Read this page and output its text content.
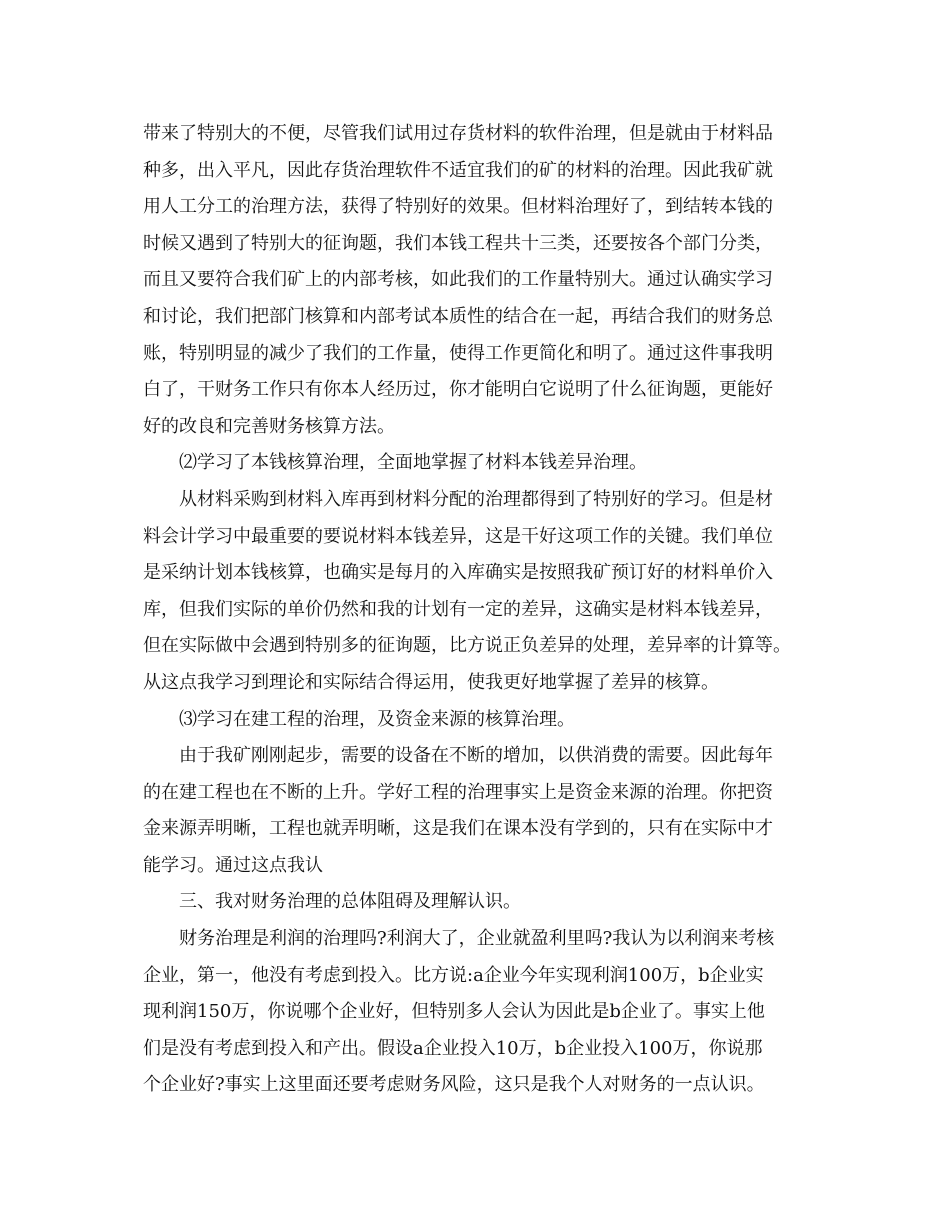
带来了特别大的不便，尽管我们试用过存货材料的软件治理，但是就由于材料品
种多，出入平凡，因此存货治理软件不适宜我们的矿的材料的治理。因此我矿就
用人工分工的治理方法，获得了特别好的效果。但材料治理好了，到结转本钱的
时候又遇到了特别大的征询题，我们本钱工程共十三类，还要按各个部门分类，
而且又要符合我们矿上的内部考核，如此我们的工作量特别大。通过认确实学习
和讨论，我们把部门核算和内部考试本质性的结合在一起，再结合我们的财务总
账，特别明显的减少了我们的工作量，使得工作更简化和明了。通过这件事我明
白了，干财务工作只有你本人经历过，你才能明白它说明了什么征询题，更能好
好的改良和完善财务核算方法。
⑵学习了本钱核算治理，全面地掌握了材料本钱差异治理。
从材料采购到材料入库再到材料分配的治理都得到了特别好的学习。但是材
料会计学习中最重要的要说材料本钱差异，这是干好这项工作的关键。我们单位
是采纳计划本钱核算，也确实是每月的入库确实是按照我矿预订好的材料单价入
库，但我们实际的单价仍然和我的计划有一定的差异，这确实是材料本钱差异，
但在实际做中会遇到特别多的征询题，比方说正负差异的处理，差异率的计算等。
从这点我学习到理论和实际结合得运用，使我更好地掌握了差异的核算。
⑶学习在建工程的治理，及资金来源的核算治理。
由于我矿刚刚起步，需要的设备在不断的增加，以供消费的需要。因此每年
的在建工程也在不断的上升。学好工程的治理事实上是资金来源的治理。你把资
金来源弄明晰，工程也就弄明晰，这是我们在课本没有学到的，只有在实际中才
能学习。通过这点我认
三、我对财务治理的总体阻碍及理解认识。
财务治理是利润的治理吗?利润大了，企业就盈利里吗?我认为以利润来考核
企业，第一，他没有考虑到投入。比方说:a企业今年实现利润100万，b企业实
现利润150万，你说哪个企业好，但特别多人会认为因此是b企业了。事实上他
们是没有考虑到投入和产出。假设a企业投入10万，b企业投入100万，你说那
个企业好?事实上这里面还要考虑财务风险，这只是我个人对财务的一点认识。
